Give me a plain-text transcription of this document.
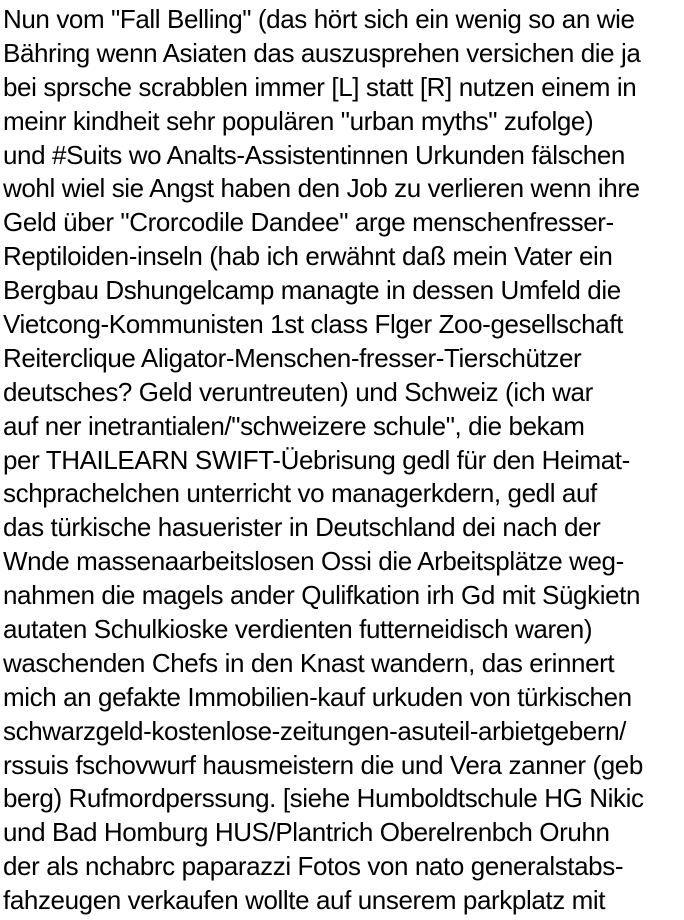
Nun vom "Fall Belling" (das hört sich ein wenig so an wie
Bähring wenn Asiaten das auszusprehen versichen die ja
bei sprsche scrabblen immer [L] statt [R] nutzen einem in
meinr kindheit sehr populären "urban myths" zufolge)
und #Suits wo Analts-Assistentinnen Urkunden fälschen
wohl wiel sie Angst haben den Job zu verlieren wenn ihre
Geld über "Crorcodile Dandee" arge menschenfresser-
Reptiloiden-inseln (hab ich erwähnt daß mein Vater ein
Bergbau Dshungelcamp managte in dessen Umfeld die
Vietcong-Kommunisten 1st class Flger Zoo-gesellschaft
Reiterclique Aligator-Menschen-fresser-Tierschützer
deutsches? Geld veruntreuten) und Schweiz (ich war
auf ner inetrantialen/"schweizere schule", die bekam
per THAILEARN SWIFT-Üebrisung gedl für den Heimat-
schprachelchen unterricht vo managerkdern, gedl auf
das türkische hasuerister in Deutschland dei nach der
Wnde massenaarbeitslosen Ossi die Arbeitsplätze weg-
nahmen die magels ander Qulifkation irh Gd mit Sügkietn
autaten Schulkioske verdienten futterneidisch waren)
waschenden Chefs in den Knast wandern, das erinnert
mich an gefakte Immobilien-kauf urkuden von türkischen
schwarzgeld-kostenlose-zeitungen-asuteil-arbietgebern/
rssuis fschovwurf hausmeistern die und Vera zanner (geb
berg) Rufmordperssung. [siehe Humboldtschule HG Nikic
und Bad Homburg HUS/Plantrich Oberelrenbch Oruhn
der als nchabrc paparazzi Fotos von nato generalstabs-
fahzeugen verkaufen wollte auf unserem parkplatz mit
